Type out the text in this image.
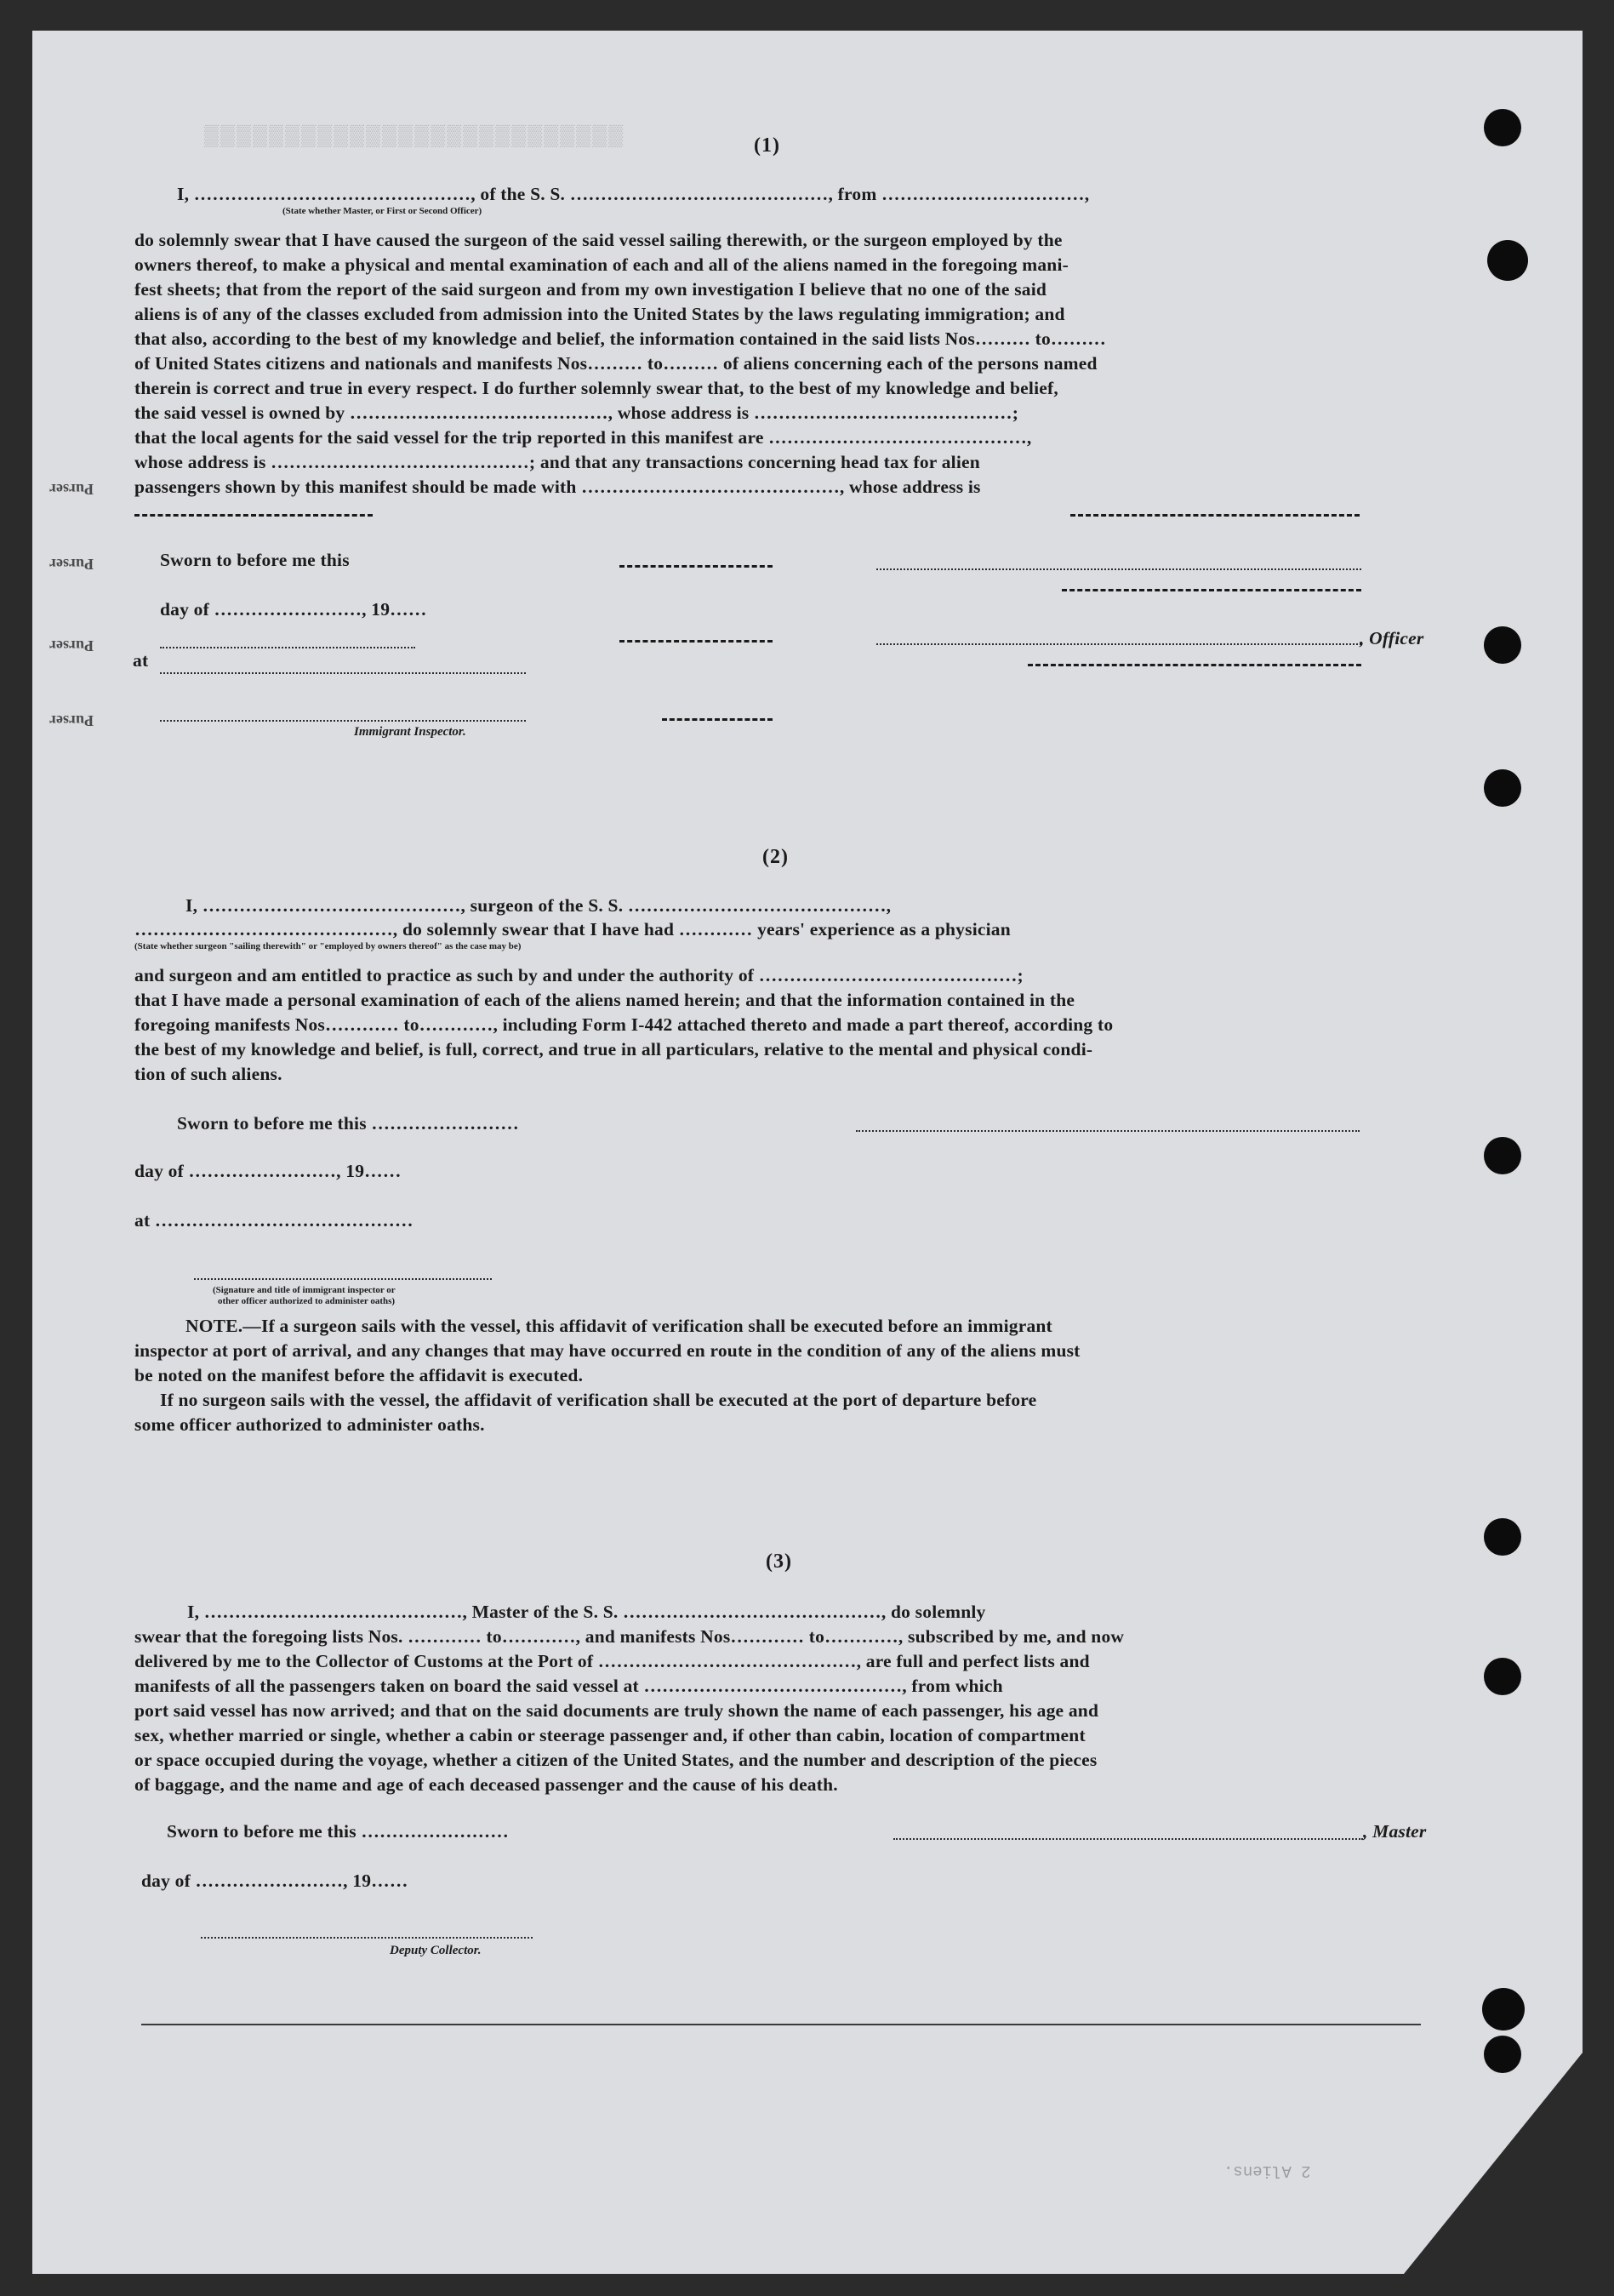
▒▒▒▒▒▒▒▒▒▒▒▒▒▒▒▒▒▒▒▒▒▒▒▒▒▒
Purser
Purser
Purser
Purser
2 Aliens.
(1)
I, ………………………………………, of the S. S. ……………………………………, from ……………………………,
(State whether Master, or First or Second Officer)
do solemnly swear that I have caused the surgeon of the said vessel sailing therewith, or the surgeon employed by the
owners thereof, to make a physical and mental examination of each and all of the aliens named in the foregoing mani-
fest sheets; that from the report of the said surgeon and from my own investigation I believe that no one of the said
aliens is of any of the classes excluded from admission into the United States by the laws regulating immigration; and
that also, according to the best of my knowledge and belief, the information contained in the said lists Nos……… to………
of United States citizens and nationals and manifests Nos……… to……… of aliens concerning each of the persons named
therein is correct and true in every respect. I do further solemnly swear that, to the best of my knowledge and belief,
the said vessel is owned by ……………………………………, whose address is ……………………………………;
that the local agents for the said vessel for the trip reported in this manifest are ……………………………………,
whose address is ……………………………………; and that any transactions concerning head tax for alien
passengers shown by this manifest should be made with ……………………………………, whose address is
Sworn to before me this
day of ……………………, 19……
, Officer
at
Immigrant Inspector.
(2)
I, ……………………………………, surgeon of the S. S. ……………………………………,
……………………………………, do solemnly swear that I have had ………… years' experience as a physician
(State whether surgeon "sailing therewith" or "employed by owners thereof" as the case may be)
and surgeon and am entitled to practice as such by and under the authority of ……………………………………;
that I have made a personal examination of each of the aliens named herein; and that the information contained in the
foregoing manifests Nos………… to…………, including Form I-442 attached thereto and made a part thereof, according to
the best of my knowledge and belief, is full, correct, and true in all particulars, relative to the mental and physical condi-
tion of such aliens.
Sworn to before me this ……………………
day of ……………………, 19……
at ……………………………………
(Signature and title of immigrant inspector or
other officer authorized to administer oaths)
NOTE.—If a surgeon sails with the vessel, this affidavit of verification shall be executed before an immigrant
inspector at port of arrival, and any changes that may have occurred en route in the condition of any of the aliens must
be noted on the manifest before the affidavit is executed.
If no surgeon sails with the vessel, the affidavit of verification shall be executed at the port of departure before
some officer authorized to administer oaths.
(3)
I, ……………………………………, Master of the S. S. ……………………………………, do solemnly
swear that the foregoing lists Nos. ………… to…………, and manifests Nos………… to…………, subscribed by me, and now
delivered by me to the Collector of Customs at the Port of ……………………………………, are full and perfect lists and
manifests of all the passengers taken on board the said vessel at ……………………………………, from which
port said vessel has now arrived; and that on the said documents are truly shown the name of each passenger, his age and
sex, whether married or single, whether a cabin or steerage passenger and, if other than cabin, location of compartment
or space occupied during the voyage, whether a citizen of the United States, and the number and description of the pieces
of baggage, and the name and age of each deceased passenger and the cause of his death.
Sworn to before me this ……………………	, Master
day of ……………………, 19……
Deputy Collector.
